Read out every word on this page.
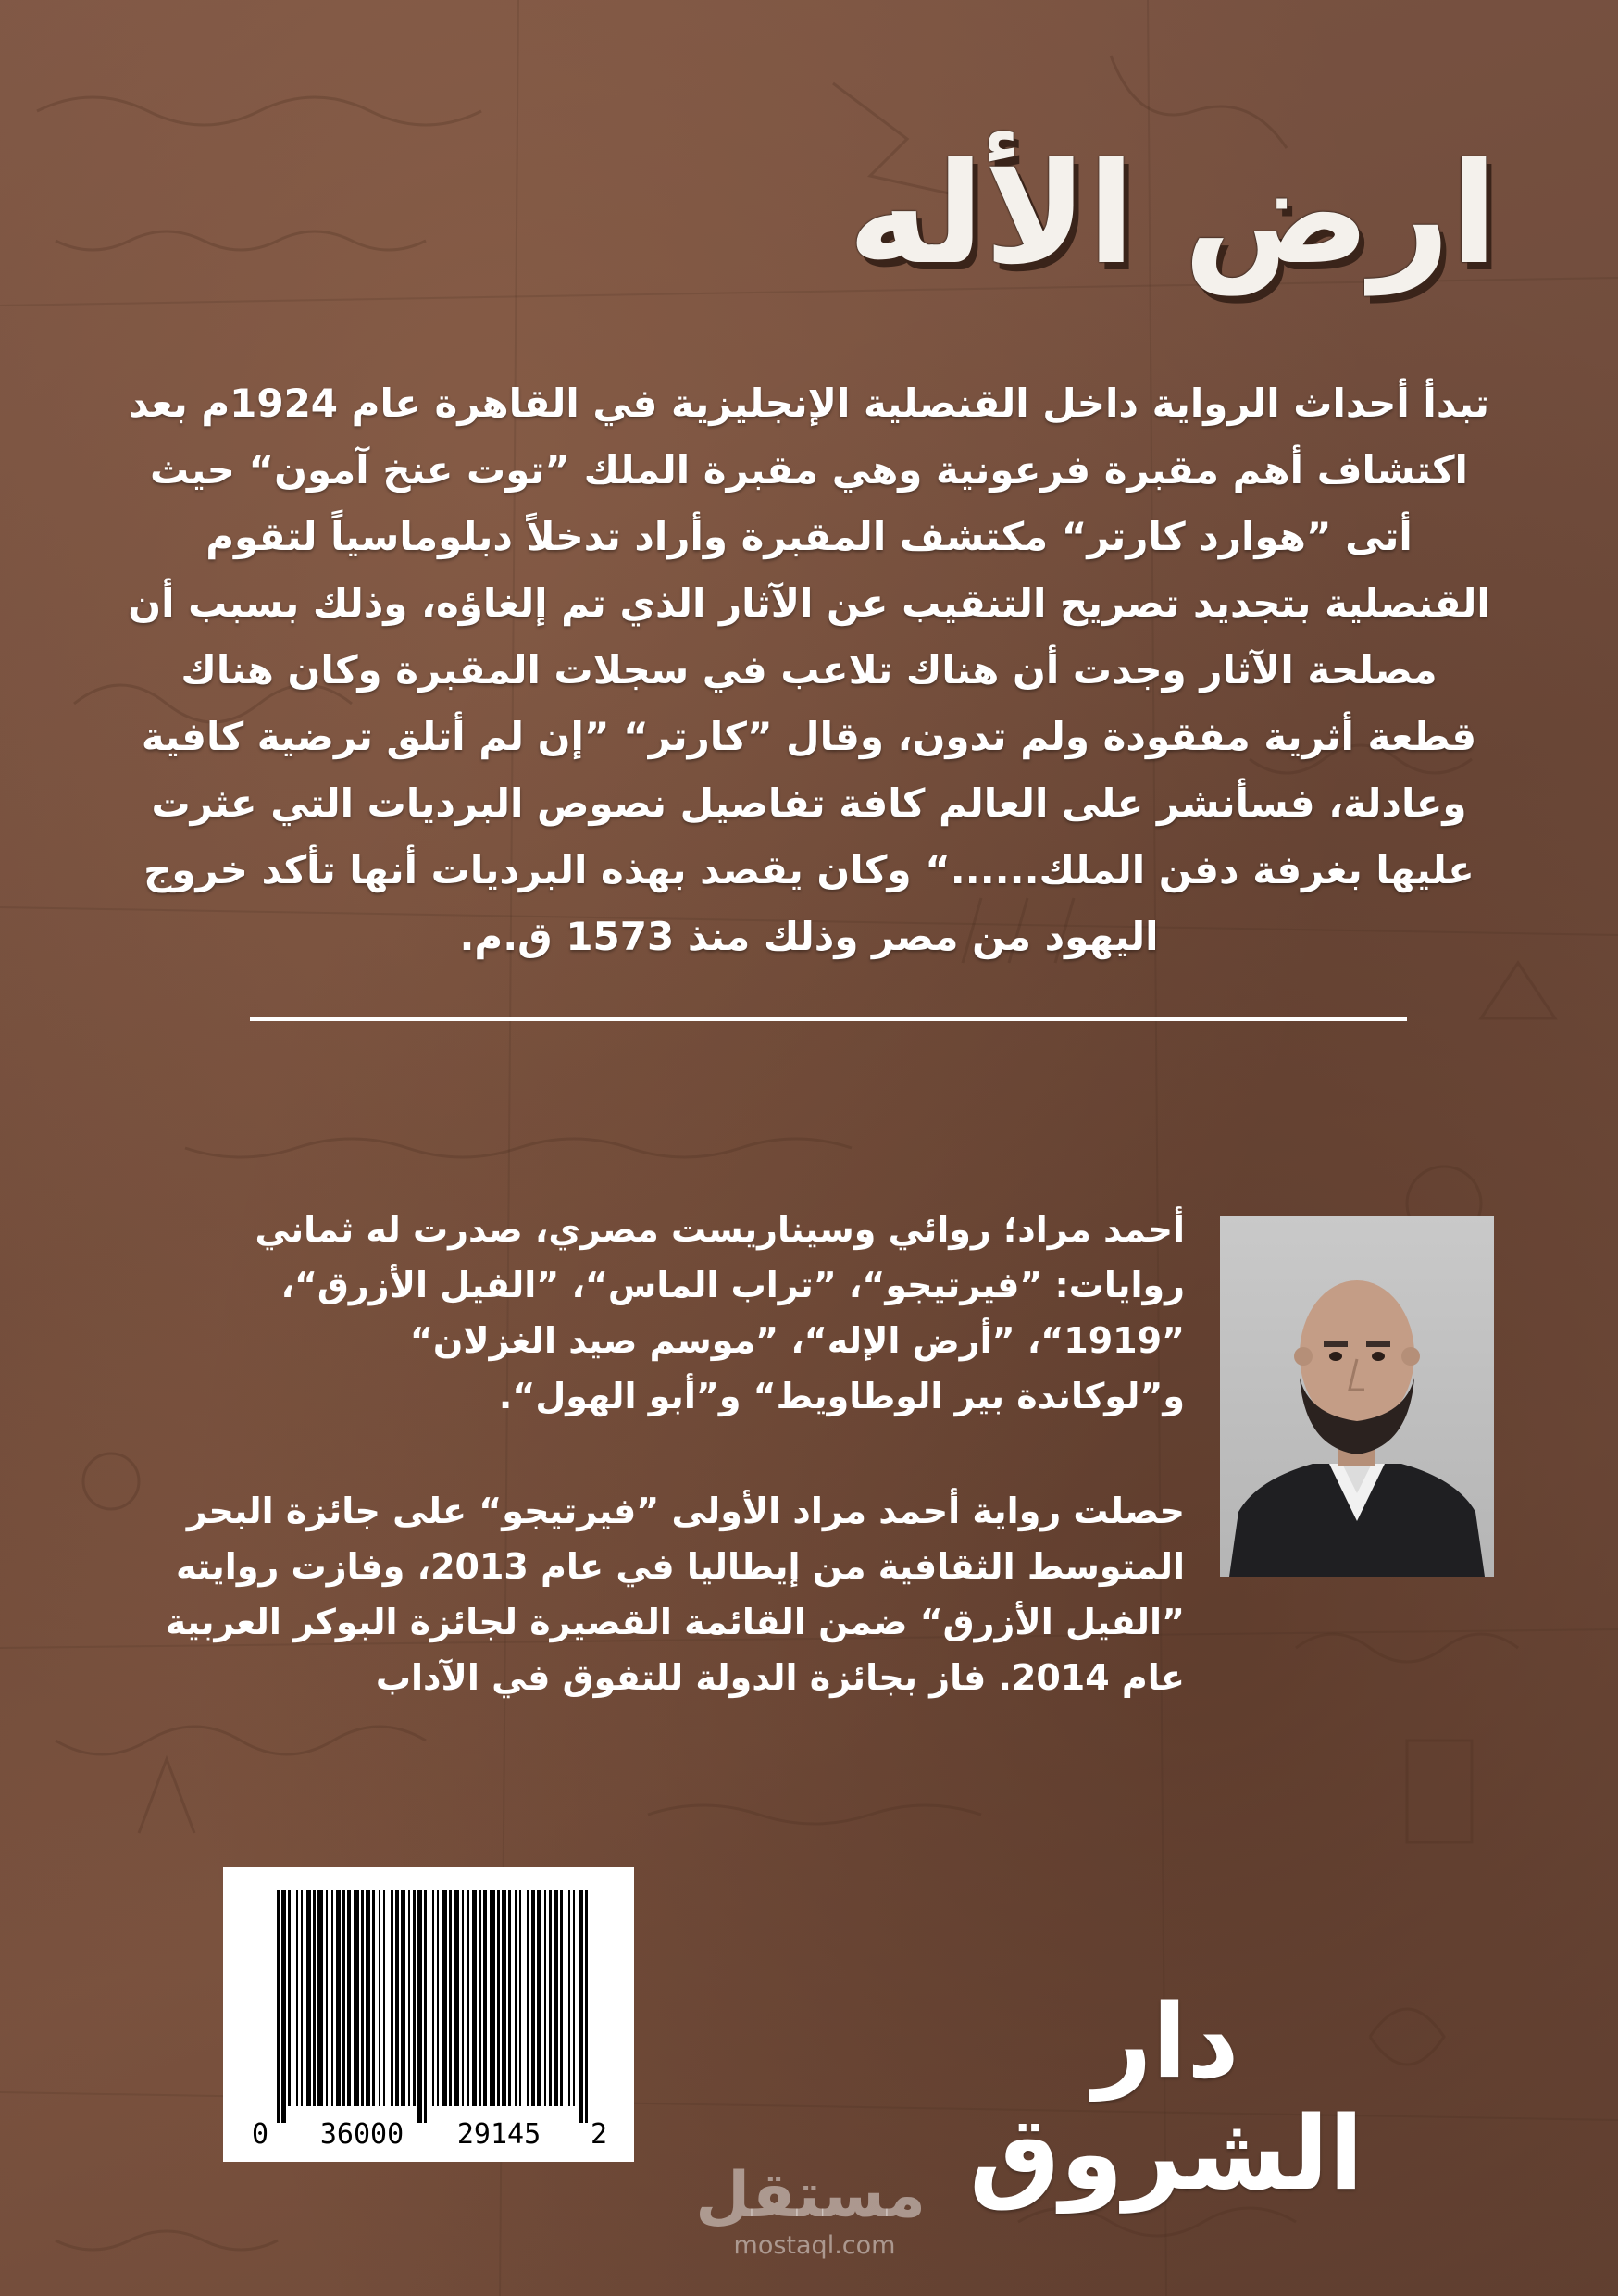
ارض الأله
تبدأ أحداث الرواية داخل القنصلية الإنجليزية في القاهرة عام 1924م بعد اكتشاف أهم مقبرة فرعونية وهي مقبرة الملك ”توت عنخ آمون“ حيث أتى ”هوارد كارتر“ مكتشف المقبرة وأراد تدخلاً دبلوماسياً لتقوم القنصلية بتجديد تصريح التنقيب عن الآثار الذي تم إلغاؤه، وذلك بسبب أن مصلحة الآثار وجدت أن هناك تلاعب في سجلات المقبرة وكان هناك قطعة أثرية مفقودة ولم تدون، وقال ”كارتر“ ”إن لم أتلق ترضية كافية وعادلة، فسأنشر على العالم كافة تفاصيل نصوص البرديات التي عثرت عليها بغرفة دفن الملك......“ وكان يقصد بهذه البرديات أنها تأكد خروج اليهود من مصر وذلك منذ 1573 ق.م.
أحمد مراد؛ روائي وسيناريست مصري، صدرت له ثماني روايات: ”فيرتيجو“، ”تراب الماس“، ”الفيل الأزرق“، ”1919“، ”أرض الإله“، ”موسم صيد الغزلان“ و”لوكاندة بير الوطاويط“ و”أبو الهول“.
حصلت رواية أحمد مراد الأولى ”فيرتيجو“ على جائزة البحر المتوسط الثقافية من إيطاليا في عام 2013، وفازت روايته ”الفيل الأزرق“ ضمن القائمة القصيرة لجائزة البوكر العربية عام 2014. فاز بجائزة الدولة للتفوق في الآداب
0 36000 29145 2
دار الشروق
مستقل
mostaql.com
